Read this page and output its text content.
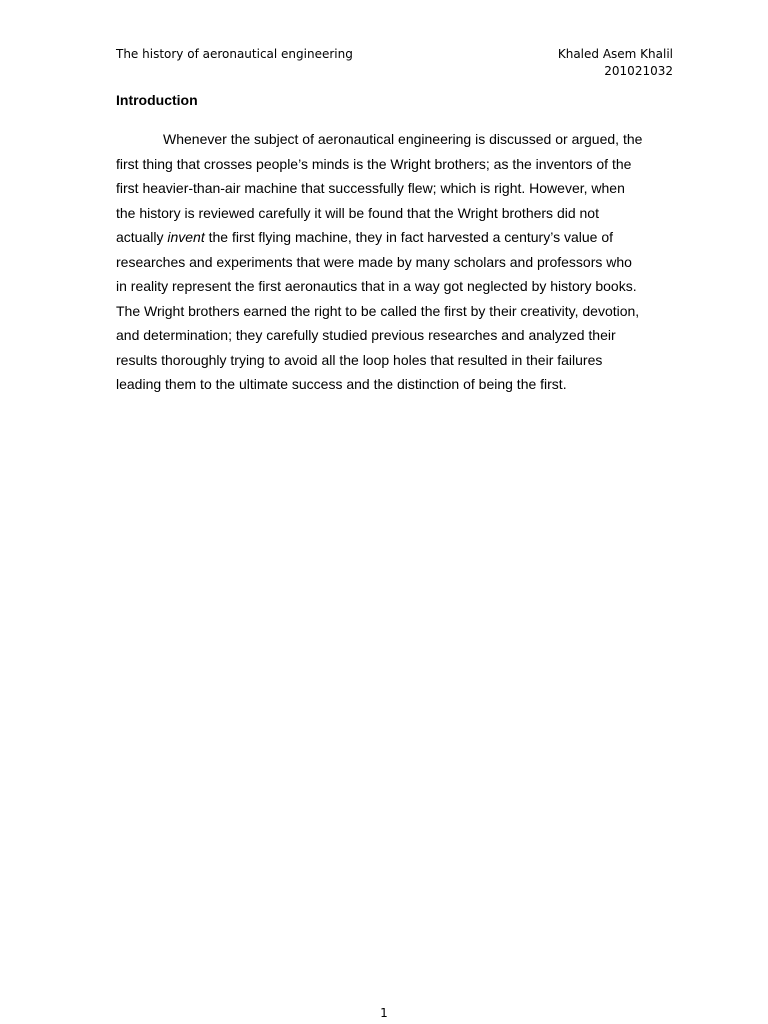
The history of aeronautical engineering	Khaled Asem Khalil
201021032
Introduction
Whenever the subject of aeronautical engineering is discussed or argued, the
first thing that crosses people’s minds is the Wright brothers; as the inventors of the
first heavier-than-air machine that successfully flew; which is right. However, when
the history is reviewed carefully it will be found that the Wright brothers did not
actually invent the first flying machine, they in fact harvested a century’s value of
researches and experiments that were made by many scholars and professors who
in reality represent the first aeronautics that in a way got neglected by history books.
The Wright brothers earned the right to be called the first by their creativity, devotion,
and determination; they carefully studied previous researches and analyzed their
results thoroughly trying to avoid all the loop holes that resulted in their failures
leading them to the ultimate success and the distinction of being the first.
1
